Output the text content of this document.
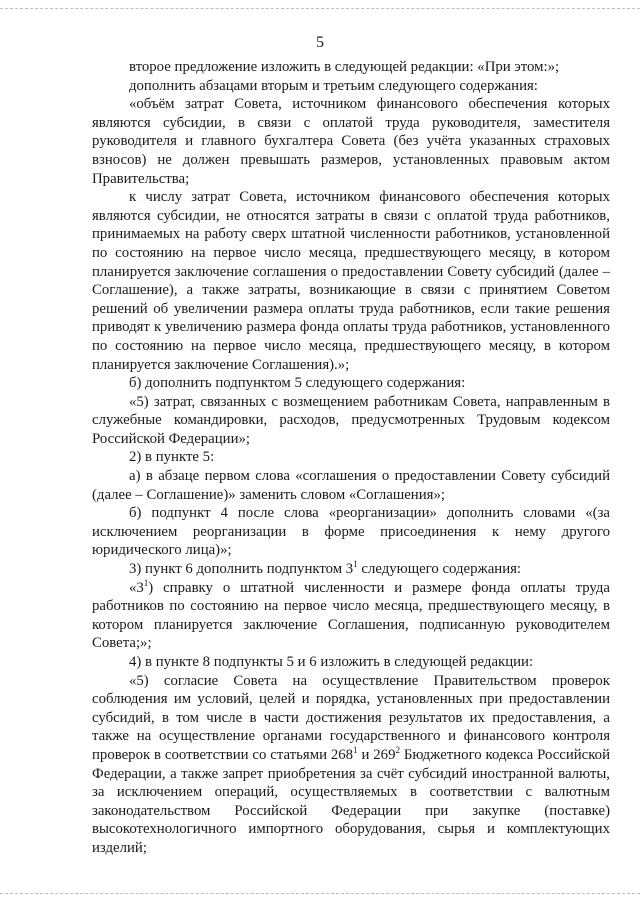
5

второе предложение изложить в следующей редакции: «При этом:»;

дополнить абзацами вторым и третьим следующего содержания:

«объём затрат Совета, источником финансового обеспечения которых являются субсидии, в связи с оплатой труда руководителя, заместителя руководителя и главного бухгалтера Совета (без учёта указанных страховых взносов) не должен превышать размеров, установленных правовым актом Правительства;

к числу затрат Совета, источником финансового обеспечения которых являются субсидии, не относятся затраты в связи с оплатой труда работников, принимаемых на работу сверх штатной численности работников, установленной по состоянию на первое число месяца, предшествующего месяцу, в котором планируется заключение соглашения о предоставлении Совету субсидий (далее – Соглашение), а также затраты, возникающие в связи с принятием Советом решений об увеличении размера оплаты труда работников, если такие решения приводят к увеличению размера фонда оплаты труда работников, установленного по состоянию на первое число месяца, предшествующего месяцу, в котором планируется заключение Соглашения).»;

б) дополнить подпунктом 5 следующего содержания:

«5) затрат, связанных с возмещением работникам Совета, направленным в служебные командировки, расходов, предусмотренных Трудовым кодексом Российской Федерации»;

2) в пункте 5:

а) в абзаце первом слова «соглашения о предоставлении Совету субсидий (далее – Соглашение)» заменить словом «Соглашения»;

б) подпункт 4 после слова «реорганизации» дополнить словами «(за исключением реорганизации в форме присоединения к нему другого юридического лица)»;

3) пункт 6 дополнить подпунктом $3^1$ следующего содержания:

«$3^1$) справку о штатной численности и размере фонда оплаты труда работников по состоянию на первое число месяца, предшествующего месяцу, в котором планируется заключение Соглашения, подписанную руководителем Совета;»;

4) в пункте 8 подпункты 5 и 6 изложить в следующей редакции:

«5) согласие Совета на осуществление Правительством проверок соблюдения им условий, целей и порядка, установленных при предоставлении субсидий, в том числе в части достижения результатов их предоставления, а также на осуществление органами государственного и финансового контроля проверок в соответствии со статьями $268^1$ и $269^2$ Бюджетного кодекса Российской Федерации, а также запрет приобретения за счёт субсидий иностранной валюты, за исключением операций, осуществляемых в соответствии с валютным законодательством Российской Федерации при закупке (поставке) высокотехнологичного импортного оборудования, сырья и комплектующих изделий;
